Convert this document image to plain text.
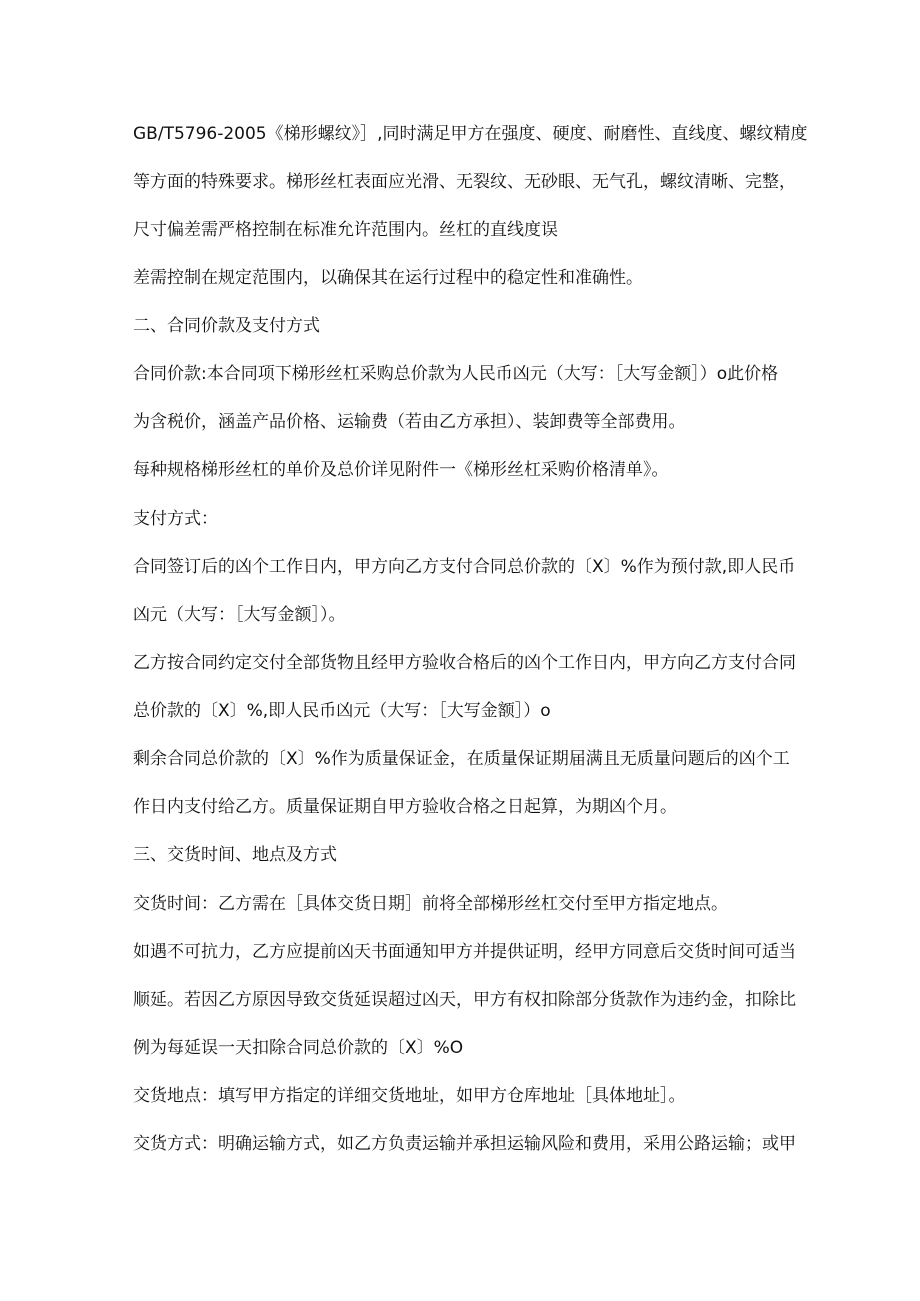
GB/T5796-2005《梯形螺纹》］,同时满足甲方在强度、硬度、耐磨性、直线度、螺纹精度

等方面的特殊要求。梯形丝杠表面应光滑、无裂纹、无砂眼、无气孔，螺纹清晰、完整，

尺寸偏差需严格控制在标准允许范围内。丝杠的直线度误

差需控制在规定范围内，以确保其在运行过程中的稳定性和准确性。

二、合同价款及支付方式

合同价款:本合同项下梯形丝杠采购总价款为人民币凶元（大写：［大写金额］）o此价格

为含税价，涵盖产品价格、运输费（若由乙方承担）、装卸费等全部费用。

每种规格梯形丝杠的单价及总价详见附件一《梯形丝杠采购价格清单》。

支付方式：

合同签订后的凶个工作日内，甲方向乙方支付合同总价款的〔X〕%作为预付款,即人民币

凶元（大写：［大写金额］）。

乙方按合同约定交付全部货物且经甲方验收合格后的凶个工作日内，甲方向乙方支付合同

总价款的〔X〕%,即人民币凶元（大写：［大写金额］）o

剩余合同总价款的〔X〕%作为质量保证金，在质量保证期届满且无质量问题后的凶个工

作日内支付给乙方。质量保证期自甲方验收合格之日起算，为期凶个月。

三、交货时间、地点及方式

交货时间：乙方需在［具体交货日期］前将全部梯形丝杠交付至甲方指定地点。

如遇不可抗力，乙方应提前凶天书面通知甲方并提供证明，经甲方同意后交货时间可适当

顺延。若因乙方原因导致交货延误超过凶天，甲方有权扣除部分货款作为违约金，扣除比

例为每延误一天扣除合同总价款的〔X〕%O

交货地点：填写甲方指定的详细交货地址，如甲方仓库地址［具体地址］。

交货方式：明确运输方式，如乙方负责运输并承担运输风险和费用，采用公路运输；或甲
